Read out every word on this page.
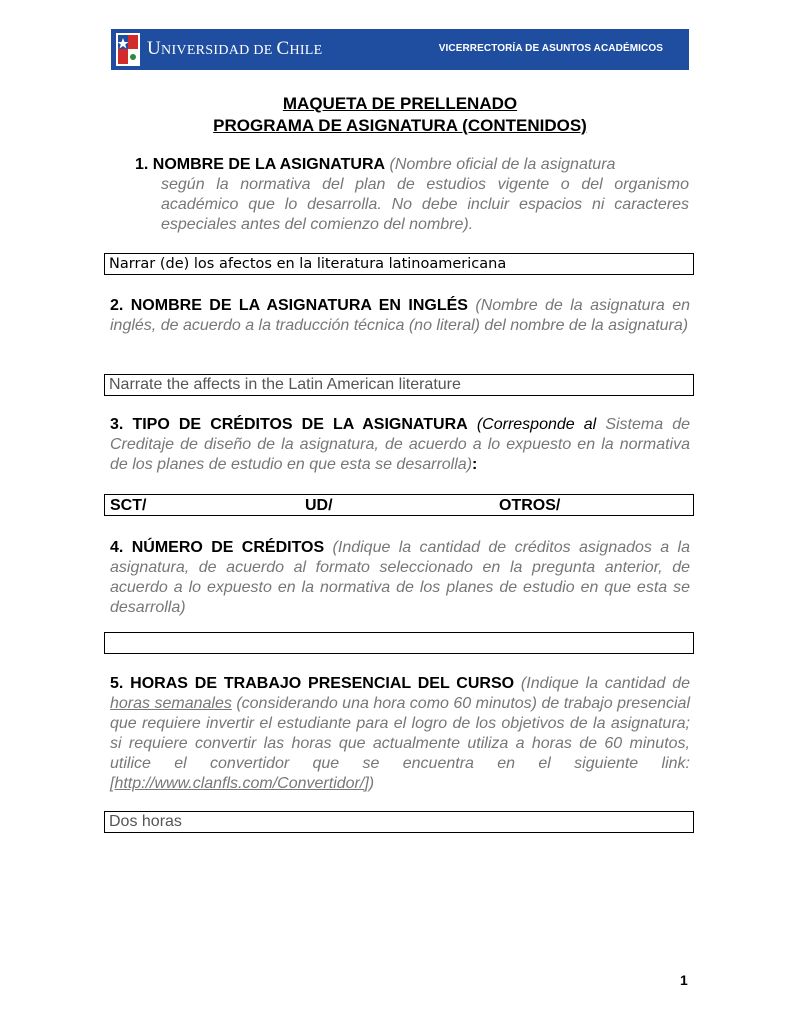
UNIVERSIDAD DE CHILE	VICERRECTORÍA DE ASUNTOS ACADÉMICOS
MAQUETA DE PRELLENADO
PROGRAMA DE ASIGNATURA (CONTENIDOS)
1. NOMBRE DE LA ASIGNATURA (Nombre oficial de la asignatura
según la normativa del plan de estudios vigente o del organismo académico que lo desarrolla. No debe incluir espacios ni caracteres especiales antes del comienzo del nombre).
Narrar (de) los afectos en la literatura latinoamericana
2. NOMBRE DE LA ASIGNATURA EN INGLÉS (Nombre de la asignatura en inglés, de acuerdo a la traducción técnica (no literal) del nombre de la asignatura)
Narrate the affects in the Latin American literature
3. TIPO DE CRÉDITOS DE LA ASIGNATURA (Corresponde al Sistema de Creditaje de diseño de la asignatura, de acuerdo a lo expuesto en la normativa de los planes de estudio en que esta se desarrolla):
SCT/	UD/	OTROS/
4. NÚMERO DE CRÉDITOS (Indique la cantidad de créditos asignados a la asignatura, de acuerdo al formato seleccionado en la pregunta anterior, de acuerdo a lo expuesto en la normativa de los planes de estudio en que esta se desarrolla)
5. HORAS DE TRABAJO PRESENCIAL DEL CURSO (Indique la cantidad de horas semanales (considerando una hora como 60 minutos) de trabajo presencial que requiere invertir el estudiante para el logro de los objetivos de la asignatura; si requiere convertir las horas que actualmente utiliza a horas de 60 minutos, utilice el convertidor que se encuentra en el siguiente link: [http://www.clanfls.com/Convertidor/])
Dos horas
1
